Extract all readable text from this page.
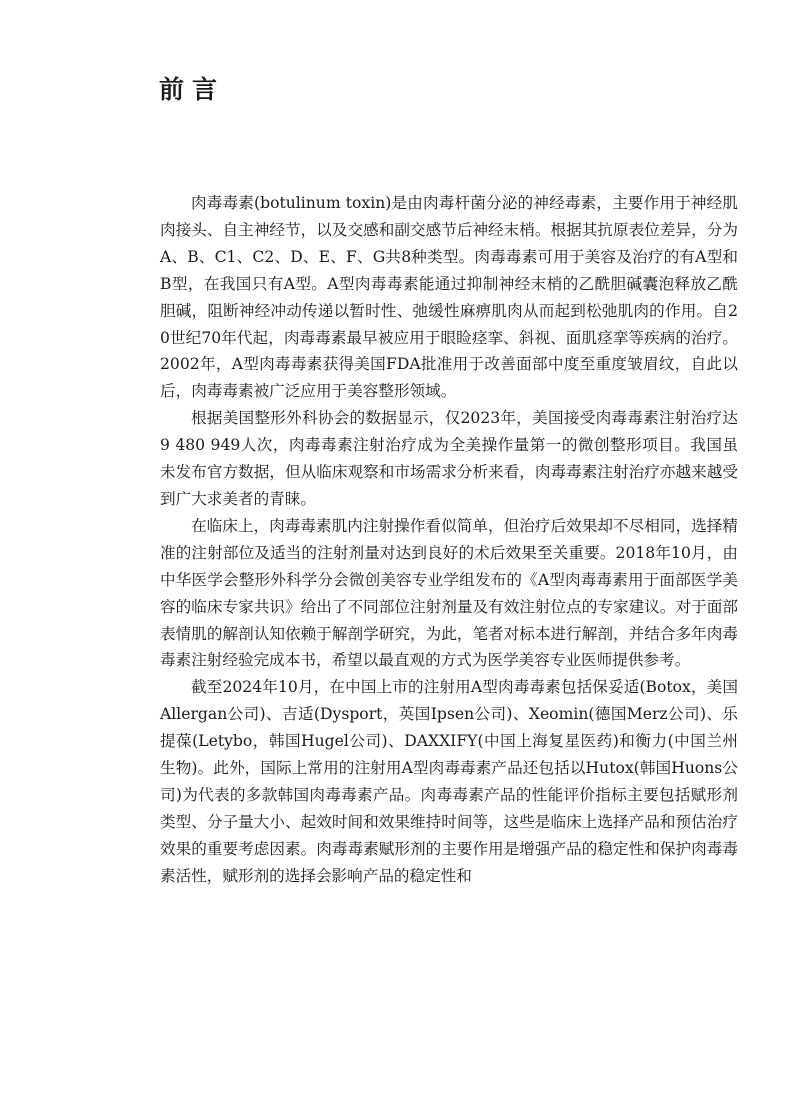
前言

肉毒毒素(botulinum toxin)是由肉毒杆菌分泌的神经毒素，主要作用于神经肌肉接头、自主神经节，以及交感和副交感节后神经末梢。根据其抗原表位差异，分为A、B、C1、C2、D、E、F、G共8种类型。肉毒毒素可用于美容及治疗的有A型和B型，在我国只有A型。A型肉毒毒素能通过抑制神经末梢的乙酰胆碱囊泡释放乙酰胆碱，阻断神经冲动传递以暂时性、弛缓性麻痹肌肉从而起到松弛肌肉的作用。自20世纪70年代起，肉毒毒素最早被应用于眼睑痉挛、斜视、面肌痉挛等疾病的治疗。2002年，A型肉毒毒素获得美国FDA批准用于改善面部中度至重度皱眉纹，自此以后，肉毒毒素被广泛应用于美容整形领域。

根据美国整形外科协会的数据显示，仅2023年，美国接受肉毒毒素注射治疗达9 480 949人次，肉毒毒素注射治疗成为全美操作量第一的微创整形项目。我国虽未发布官方数据，但从临床观察和市场需求分析来看，肉毒毒素注射治疗亦越来越受到广大求美者的青睐。

在临床上，肉毒毒素肌内注射操作看似简单，但治疗后效果却不尽相同，选择精准的注射部位及适当的注射剂量对达到良好的术后效果至关重要。2018年10月，由中华医学会整形外科学分会微创美容专业学组发布的《A型肉毒毒素用于面部医学美容的临床专家共识》给出了不同部位注射剂量及有效注射位点的专家建议。对于面部表情肌的解剖认知依赖于解剖学研究，为此，笔者对标本进行解剖，并结合多年肉毒毒素注射经验完成本书，希望以最直观的方式为医学美容专业医师提供参考。

截至2024年10月，在中国上市的注射用A型肉毒毒素包括保妥适(Botox，美国Allergan公司)、吉适(Dysport，英国Ipsen公司)、Xeomin(德国Merz公司)、乐提葆(Letybo，韩国Hugel公司)、DAXXIFY(中国上海复星医药)和衡力(中国兰州生物)。此外，国际上常用的注射用A型肉毒毒素产品还包括以Hutox(韩国Huons公司)为代表的多款韩国肉毒毒素产品。肉毒毒素产品的性能评价指标主要包括赋形剂类型、分子量大小、起效时间和效果维持时间等，这些是临床上选择产品和预估治疗效果的重要考虑因素。肉毒毒素赋形剂的主要作用是增强产品的稳定性和保护肉毒毒素活性，赋形剂的选择会影响产品的稳定性和
